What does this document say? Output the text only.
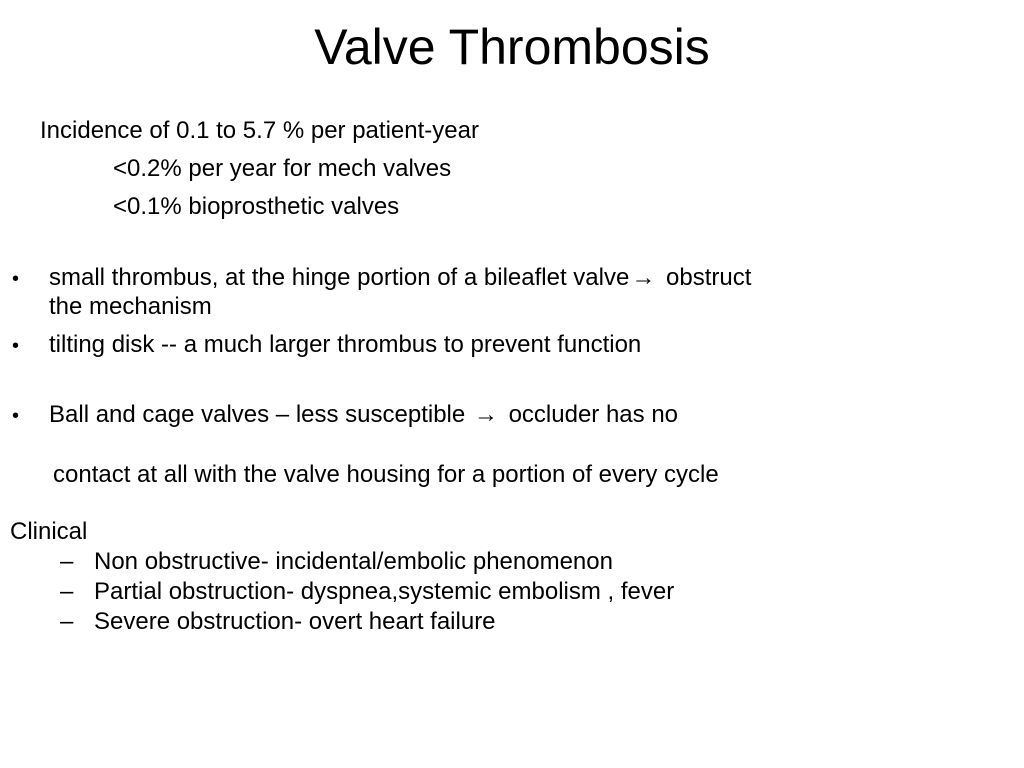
Valve Thrombosis
Incidence of 0.1 to 5.7 % per patient-year
<0.2% per year for mech valves
<0.1% bioprosthetic valves
• small thrombus, at the hinge portion of a bileaflet valve→ obstruct
the mechanism
• tilting disk -- a much larger thrombus to prevent function
• Ball and cage valves – less susceptible → occluder has no
contact at all with the valve housing for a portion of every cycle
Clinical
– Non obstructive- incidental/embolic phenomenon
– Partial obstruction- dyspnea,systemic embolism , fever
– Severe obstruction- overt heart failure
